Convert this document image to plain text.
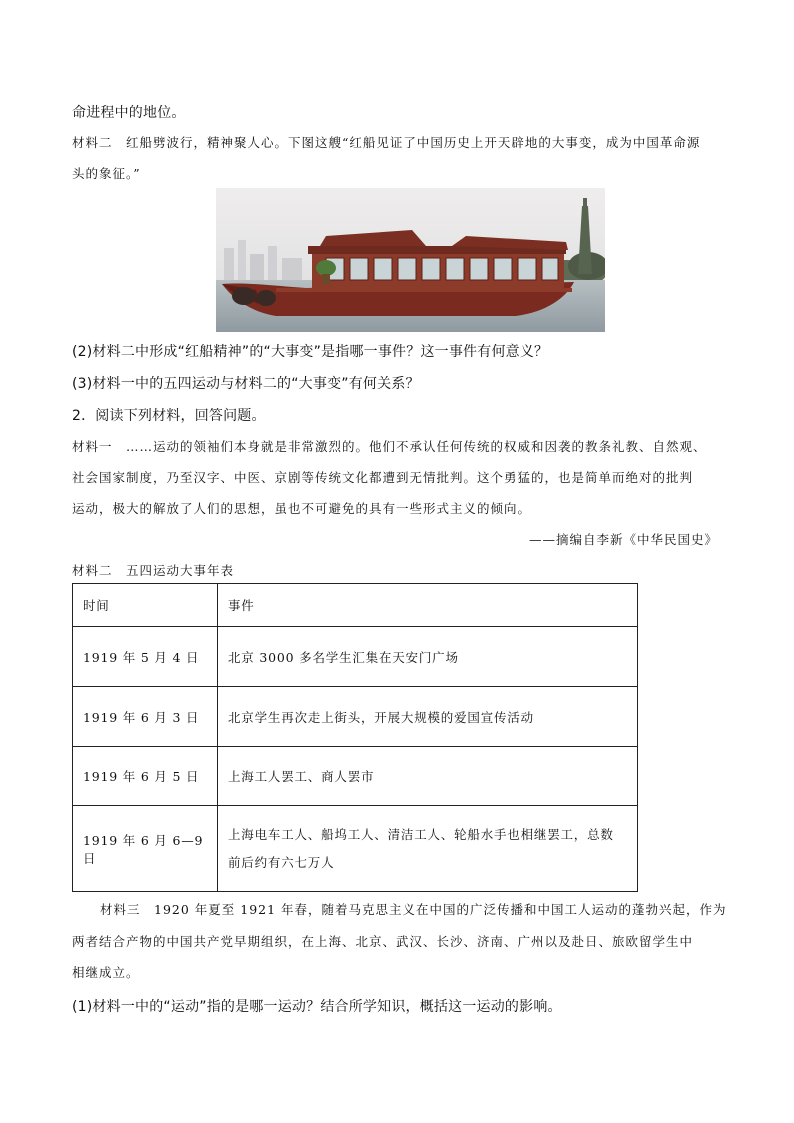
命进程中的地位。
材料二　红船劈波行，精神聚人心。下图这艘“红船见证了中国历史上开天辟地的大事变，成为中国革命源
头的象征。”
(2)材料二中形成“红船精神”的“大事变”是指哪一事件？这一事件有何意义？
(3)材料一中的五四运动与材料二的“大事变”有何关系？
2．阅读下列材料，回答问题。
材料一　……运动的领袖们本身就是非常激烈的。他们不承认任何传统的权威和因袭的教条礼教、自然观、
社会国家制度，乃至汉字、中医、京剧等传统文化都遭到无情批判。这个勇猛的，也是简单而绝对的批判
运动，极大的解放了人们的思想，虽也不可避免的具有一些形式主义的倾向。
——摘编自李新《中华民国史》
材料二　五四运动大事年表
时间	事件
1919 年 5 月 4 日	北京 3000 多名学生汇集在天安门广场
1919 年 6 月 3 日	北京学生再次走上街头，开展大规模的爱国宣传活动
1919 年 6 月 5 日	上海工人罢工、商人罢市
1919 年 6 月 6—9 日	上海电车工人、船坞工人、清洁工人、轮船水手也相继罢工，总数
前后约有六七万人
材料三　1920 年夏至 1921 年春，随着马克思主义在中国的广泛传播和中国工人运动的蓬勃兴起，作为
两者结合产物的中国共产党早期组织，在上海、北京、武汉、长沙、济南、广州以及赴日、旅欧留学生中
相继成立。
(1)材料一中的“运动”指的是哪一运动？结合所学知识，概括这一运动的影响。
